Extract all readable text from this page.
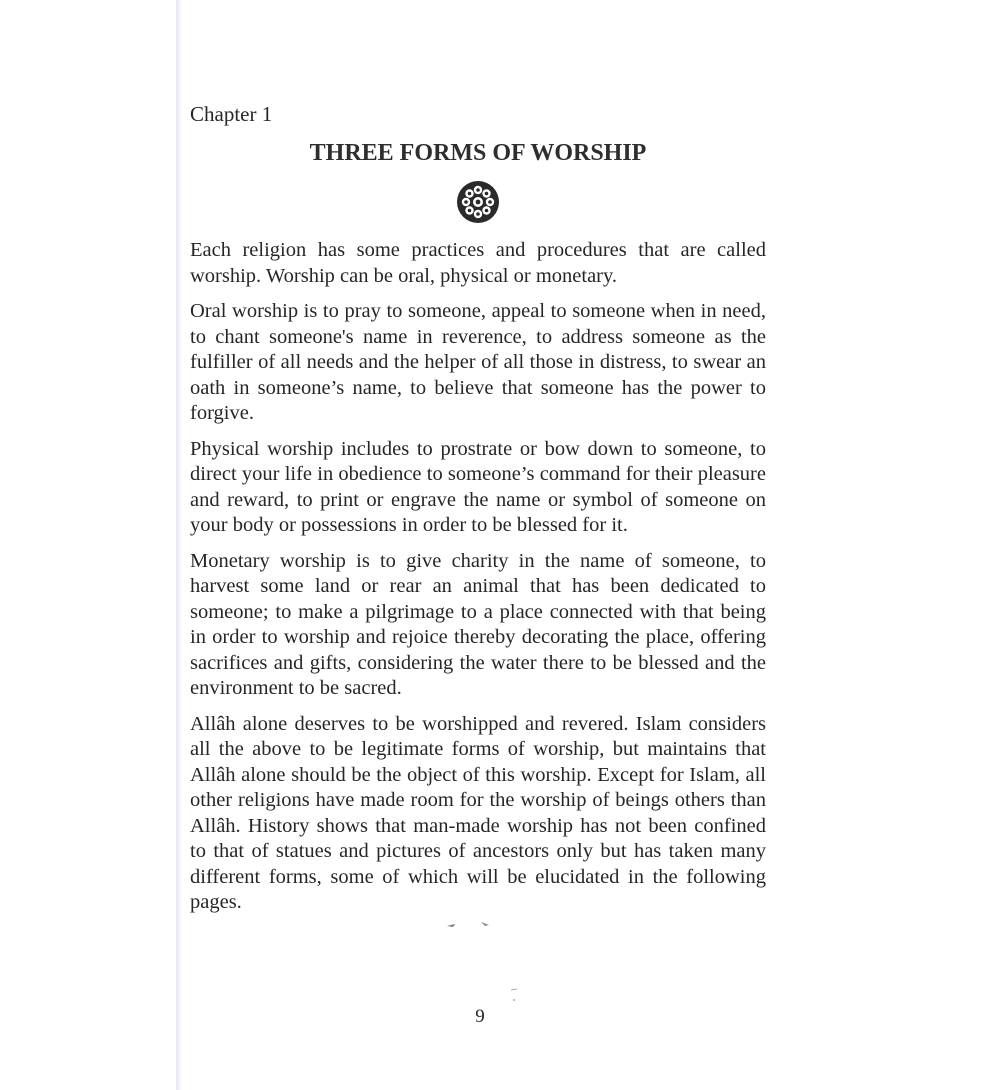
Chapter 1

THREE FORMS OF WORSHIP

Each religion has some practices and procedures that are called worship. Worship can be oral, physical or monetary.

Oral worship is to pray to someone, appeal to someone when in need, to chant someone's name in reverence, to address someone as the fulfiller of all needs and the helper of all those in distress, to swear an oath in someone’s name, to believe that someone has the power to forgive.

Physical worship includes to prostrate or bow down to someone, to direct your life in obedience to someone’s command for their pleasure and reward, to print or engrave the name or symbol of someone on your body or possessions in order to be blessed for it.

Monetary worship is to give charity in the name of someone, to harvest some land or rear an animal that has been dedicated to someone; to make a pilgrimage to a place connected with that being in order to worship and rejoice thereby decorating the place, offering sacrifices and gifts, considering the water there to be blessed and the environment to be sacred.

Allâh alone deserves to be worshipped and revered. Islam considers all the above to be legitimate forms of worship, but maintains that Allâh alone should be the object of this worship. Except for Islam, all other religions have made room for the worship of beings others than Allâh. History shows that man-made worship has not been confined to that of statues and pictures of ancestors only but has taken many different forms, some of which will be elucidated in the following pages.

9
